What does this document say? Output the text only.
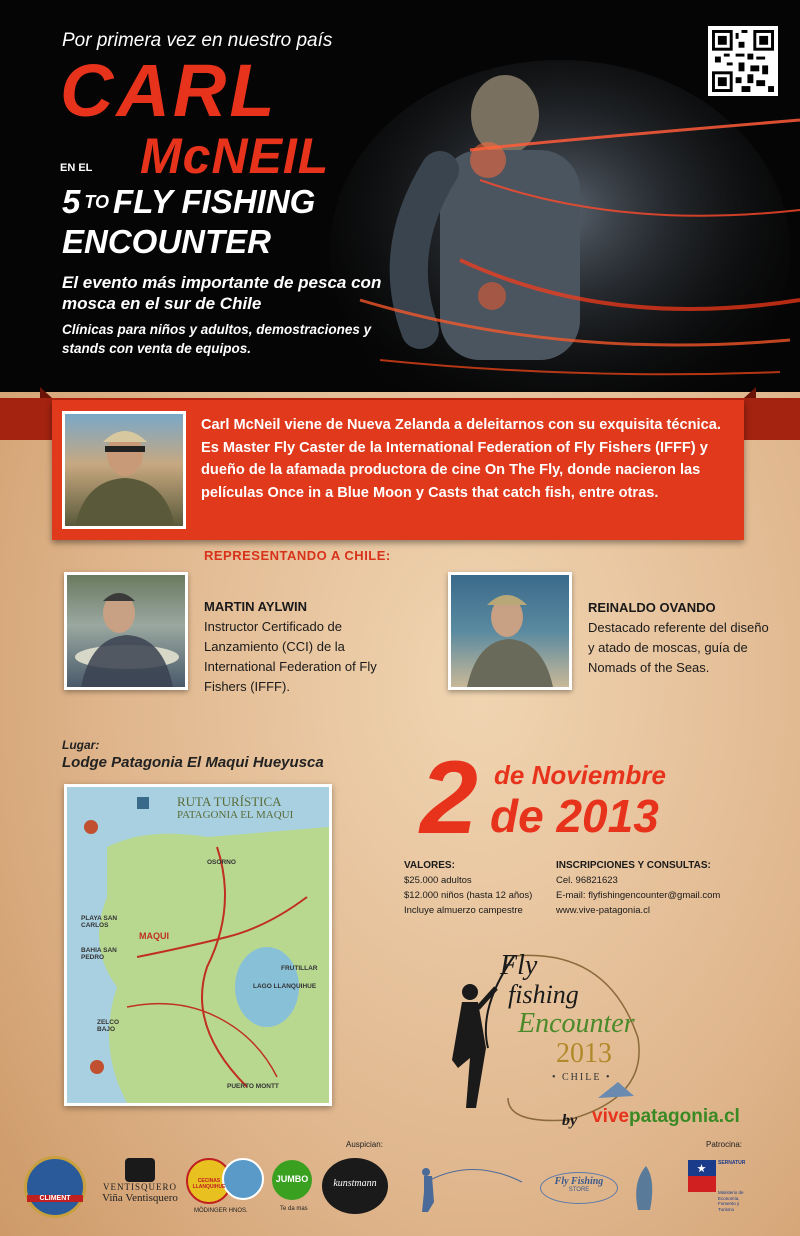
Por primera vez en nuestro país
CARL
EN EL McNEIL
5 $^{TO}$ FLY FISHING
ENCOUNTER
El evento más importante de pesca con mosca en el sur de Chile
Clínicas para niños y adultos, demostraciones y stands con venta de equipos.
Carl McNeil viene de Nueva Zelanda a deleitarnos con su exquisita técnica. Es Master Fly Caster de la International Federation of Fly Fishers (IFFF) y dueño de la afamada productora de cine On The Fly, donde nacieron las películas Once in a Blue Moon y Casts that catch fish, entre otras.
REPRESENTANDO A CHILE:
MARTIN AYLWIN
Instructor Certificado de Lanzamiento (CCI) de la International Federation of Fly Fishers (IFFF).
REINALDO OVANDO
Destacado referente del diseño y atado de moscas, guía de Nomads of the Seas.
Lugar:
Lodge Patagonia El Maqui Hueyusca
RUTA TURÍSTICA
PATAGONIA EL MAQUI
OSORNO
PUERTO MONTT
LAGO LLANQUIHUE
FRUTILLAR
MAQUI
PLAYA SAN CARLOS
BAHIA SAN PEDRO
ZELCO BAJO
2 de Noviembre
de 2013
VALORES:
$25.000 adultos
$12.000 niños (hasta 12 años)
Incluye almuerzo campestre
INSCRIPCIONES Y CONSULTAS:
Cel. 96821623
E-mail: flyfishingencounter@gmail.com
www.vive-patagonia.cl
Fly
fishing
Encounter
2013
• CHILE •
by vivepatagonia.cl
Auspician:	Patrocina:
CLIMENT
VENTISQUERO
Viña Ventisquero
CECINAS LLANQUIHUE
MÖDINGER HNOS.
JUMBO
Te da mas
kunstmann	Fly Fishing
STORE
SERNATUR
Ministerio de Economía, Fomento y Turismo
